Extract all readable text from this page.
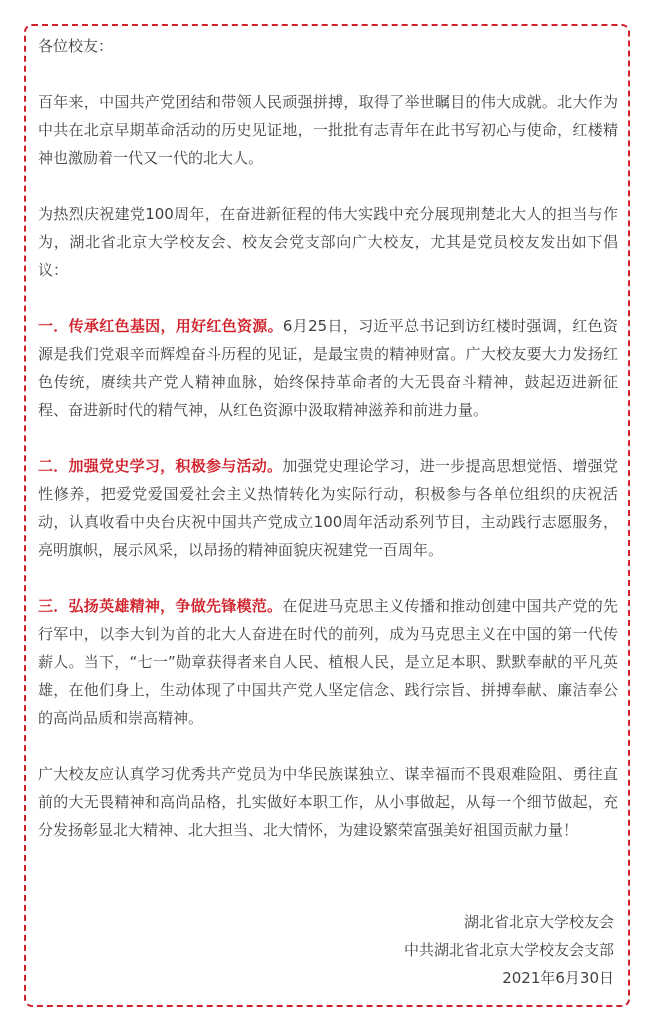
各位校友：

百年来，中国共产党团结和带领人民顽强拼搏，取得了举世瞩目的伟大成就。北大作为中共在北京早期革命活动的历史见证地，一批批有志青年在此书写初心与使命，红楼精神也激励着一代又一代的北大人。

为热烈庆祝建党100周年，在奋进新征程的伟大实践中充分展现荆楚北大人的担当与作为，湖北省北京大学校友会、校友会党支部向广大校友，尤其是党员校友发出如下倡议：

一．传承红色基因，用好红色资源。6月25日，习近平总书记到访红楼时强调，红色资源是我们党艰辛而辉煌奋斗历程的见证，是最宝贵的精神财富。广大校友要大力发扬红色传统，赓续共产党人精神血脉，始终保持革命者的大无畏奋斗精神，鼓起迈进新征程、奋进新时代的精气神，从红色资源中汲取精神滋养和前进力量。

二．加强党史学习，积极参与活动。加强党史理论学习，进一步提高思想觉悟、增强党性修养，把爱党爱国爱社会主义热情转化为实际行动，积极参与各单位组织的庆祝活动，认真收看中央台庆祝中国共产党成立100周年活动系列节目，主动践行志愿服务，亮明旗帜，展示风采，以昂扬的精神面貌庆祝建党一百周年。

三．弘扬英雄精神，争做先锋模范。在促进马克思主义传播和推动创建中国共产党的先行军中，以李大钊为首的北大人奋进在时代的前列，成为马克思主义在中国的第一代传薪人。当下，“七一”勋章获得者来自人民、植根人民，是立足本职、默默奉献的平凡英雄，在他们身上，生动体现了中国共产党人坚定信念、践行宗旨、拼搏奉献、廉洁奉公的高尚品质和崇高精神。

广大校友应认真学习优秀共产党员为中华民族谋独立、谋幸福而不畏艰难险阻、勇往直前的大无畏精神和高尚品格，扎实做好本职工作，从小事做起，从每一个细节做起，充分发扬彰显北大精神、北大担当、北大情怀，为建设繁荣富强美好祖国贡献力量！

湖北省北京大学校友会
中共湖北省北京大学校友会支部
2021年6月30日
